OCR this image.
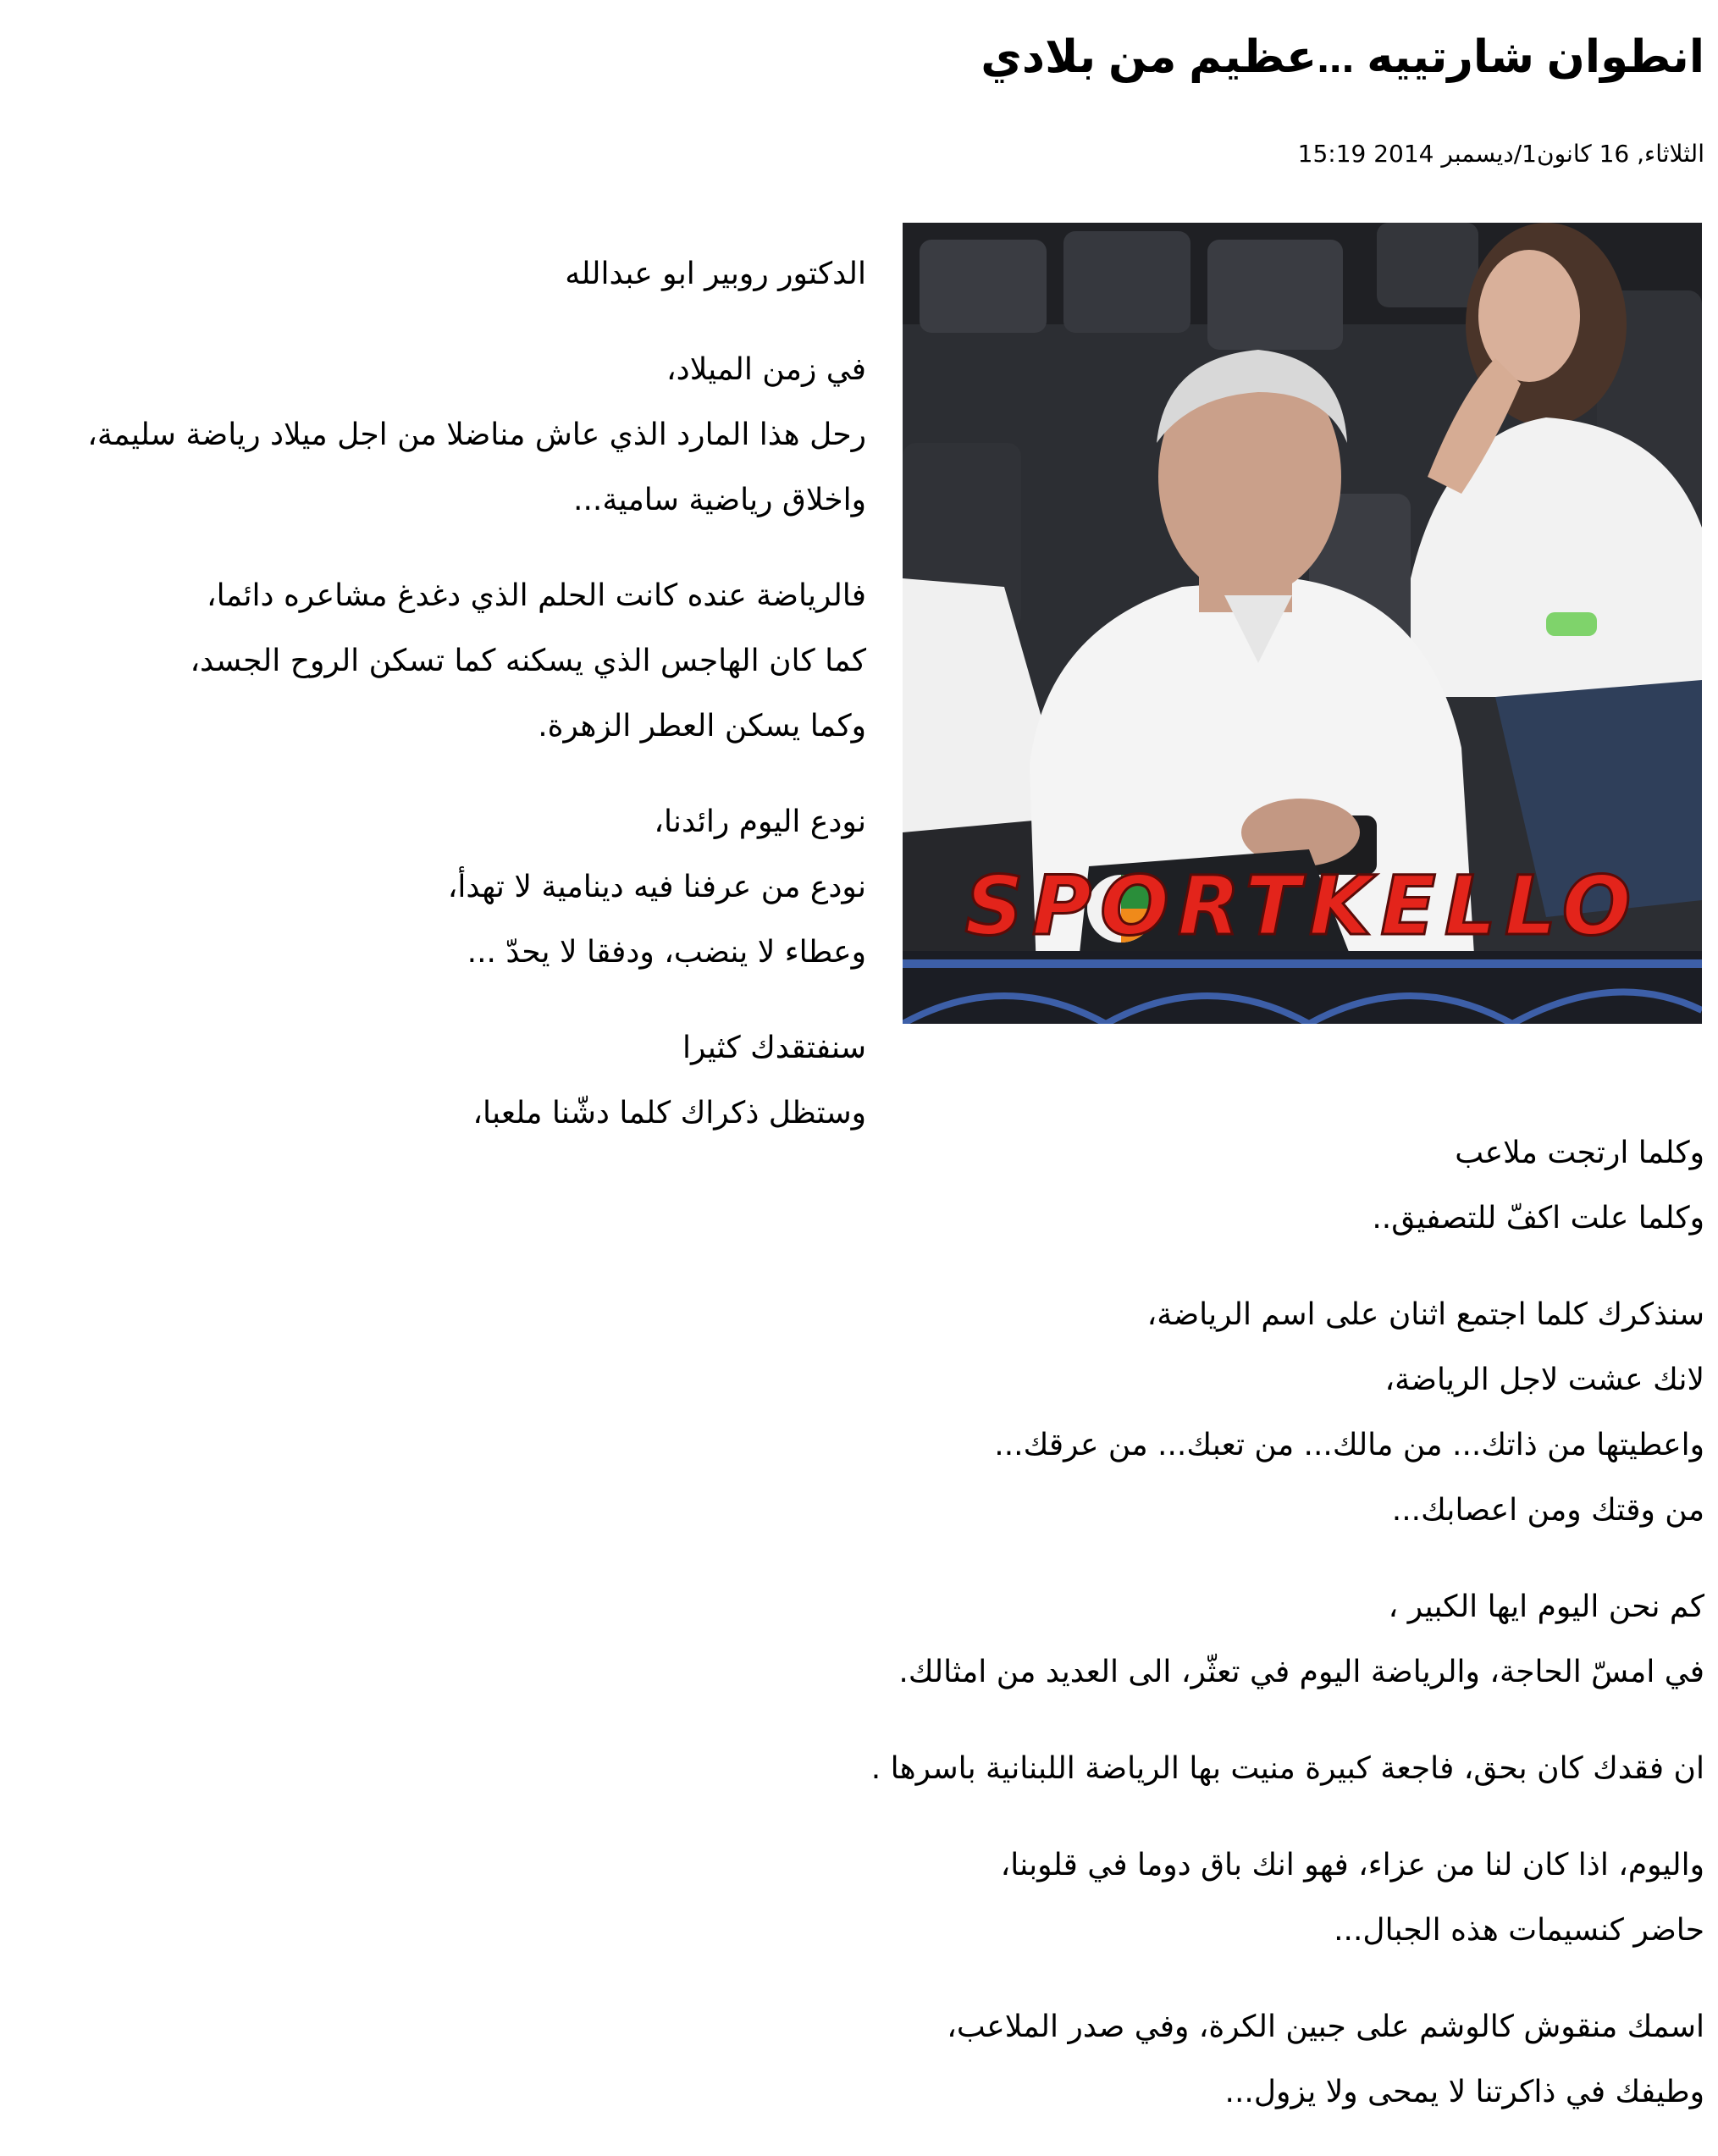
انطوان شارتييه ...عظيم من بلادي
الثلاثاء, 16 كانون1/ديسمبر 2014 15:19
SPORTKELLO
الدكتور روبير ابو عبدالله
في زمن الميلاد،
رحل هذا المارد الذي عاش مناضلا من اجل ميلاد رياضة سليمة،
واخلاق رياضية سامية...
فالرياضة عنده كانت الحلم الذي دغدغ مشاعره دائما،
كما كان الهاجس الذي يسكنه كما تسكن الروح الجسد،
وكما يسكن العطر الزهرة.
نودع اليوم رائدنا،
نودع من عرفنا فيه دينامية لا تهدأ،
وعطاء لا ينضب، ودفقا لا يحدّ ...
سنفتقدك كثيرا
وستظل ذكراك كلما دشّنا ملعبا،
وكلما ارتجت ملاعب
وكلما علت اكفّ للتصفيق..
سنذكرك كلما اجتمع اثنان على اسم الرياضة،
لانك عشت لاجل الرياضة،
واعطيتها من ذاتك... من مالك... من تعبك... من عرقك...
من وقتك ومن اعصابك...
كم نحن اليوم ايها الكبير ،
في امسّ الحاجة، والرياضة اليوم في تعثّر، الى العديد من امثالك.
ان فقدك كان بحق، فاجعة كبيرة منيت بها الرياضة اللبنانية باسرها .
واليوم، اذا كان لنا من عزاء، فهو انك باق دوما في قلوبنا،
حاضر كنسيمات هذه الجبال...
اسمك منقوش كالوشم على جبين الكرة، وفي صدر الملاعب،
وطيفك في ذاكرتنا لا يمحى ولا يزول...
